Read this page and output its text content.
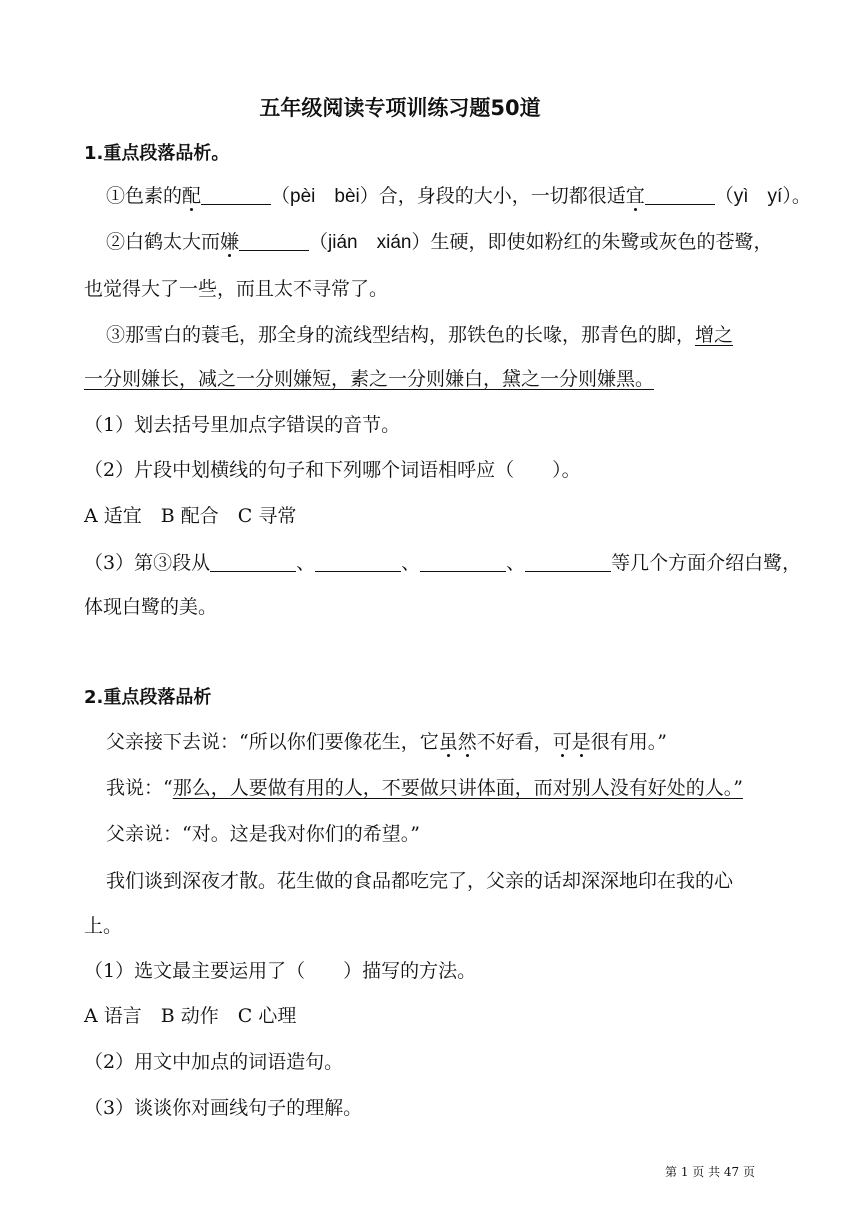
五年级阅读专项训练习题50道
1.重点段落品析。
①色素的配	（pèi　bèi）合，身段的大小，一切都很适宜	（yì　yí）。
②白鹤太大而嫌	（jián　xián）生硬，即使如粉红的朱鹭或灰色的苍鹭，
也觉得大了一些，而且太不寻常了。
③那雪白的蓑毛，那全身的流线型结构，那铁色的长喙，那青色的脚，增之
一分则嫌长，减之一分则嫌短，素之一分则嫌白，黛之一分则嫌黑。
（1）划去括号里加点字错误的音节。
（2）片段中划横线的句子和下列哪个词语相呼应（　　）。
A 适宜　B 配合　C 寻常
（3）第③段从	、	、	、	等几个方面介绍白鹭，
体现白鹭的美。
2.重点段落品析
父亲接下去说：“所以你们要像花生，它虽然不好看，可是很有用。”
我说：“那么，人要做有用的人，不要做只讲体面，而对别人没有好处的人。”
父亲说：“对。这是我对你们的希望。”
我们谈到深夜才散。花生做的食品都吃完了，父亲的话却深深地印在我的心
上。
（1）选文最主要运用了（　　）描写的方法。
A 语言　B 动作　C 心理
（2）用文中加点的词语造句。
（3）谈谈你对画线句子的理解。
第 1 页 共 47 页
